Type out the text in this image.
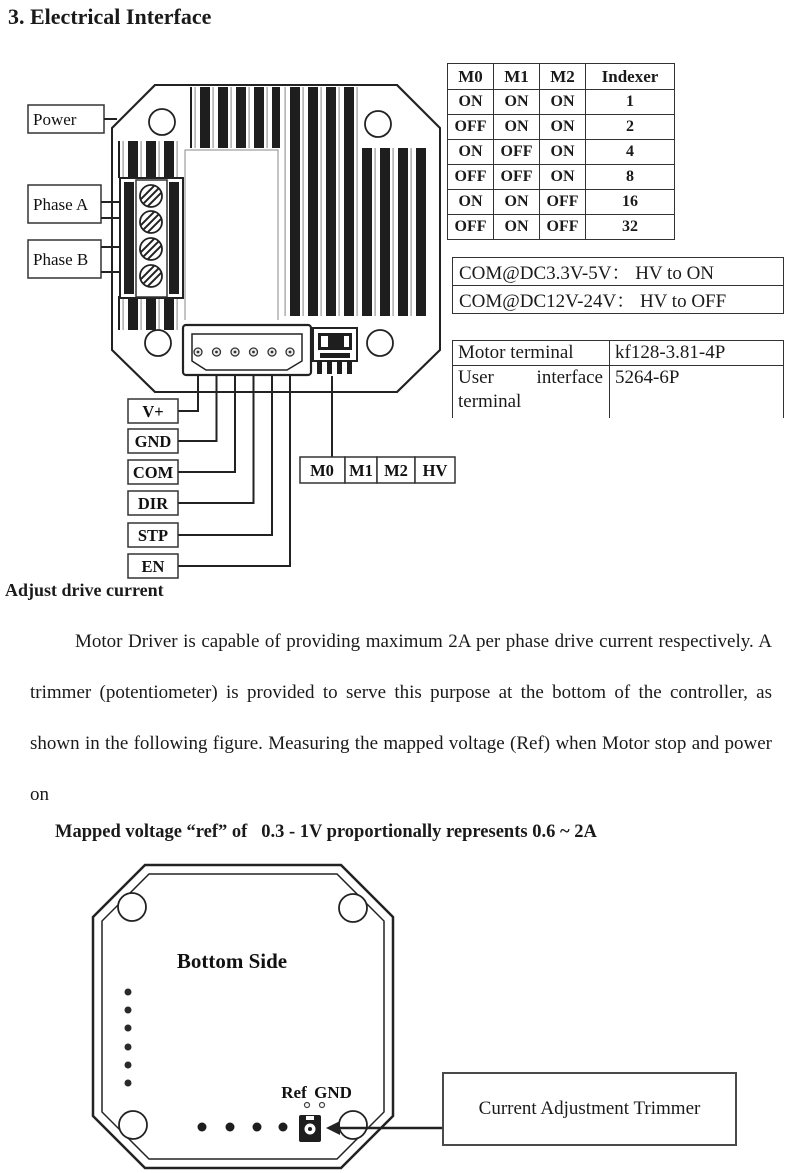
3. Electrical Interface
Power
Phase A
Phase B
V+
GND
COM
DIR
STP
EN
M0 M1 M2 HV
M0	M1	M2	Indexer
ON	ON	ON	1
OFF	ON	ON	2
ON	OFF	ON	4
OFF	OFF	ON	8
ON	ON	OFF	16
OFF	ON	OFF	32
COM@DC3.3V-5V： HV to ON
COM@DC12V-24V： HV to OFF
Motor terminal	kf128-3.81-4P
User interface terminal	5264-6P
Adjust drive current
Motor Driver is capable of providing maximum 2A per phase drive current respectively. A trimmer (potentiometer) is provided to serve this purpose at the bottom of the controller, as shown in the following figure. Measuring the mapped voltage (Ref) when Motor stop and power on
Mapped voltage “ref” of   0.3 - 1V proportionally represents 0.6 ~ 2A
Bottom Side
Ref GND
Current Adjustment Trimmer
